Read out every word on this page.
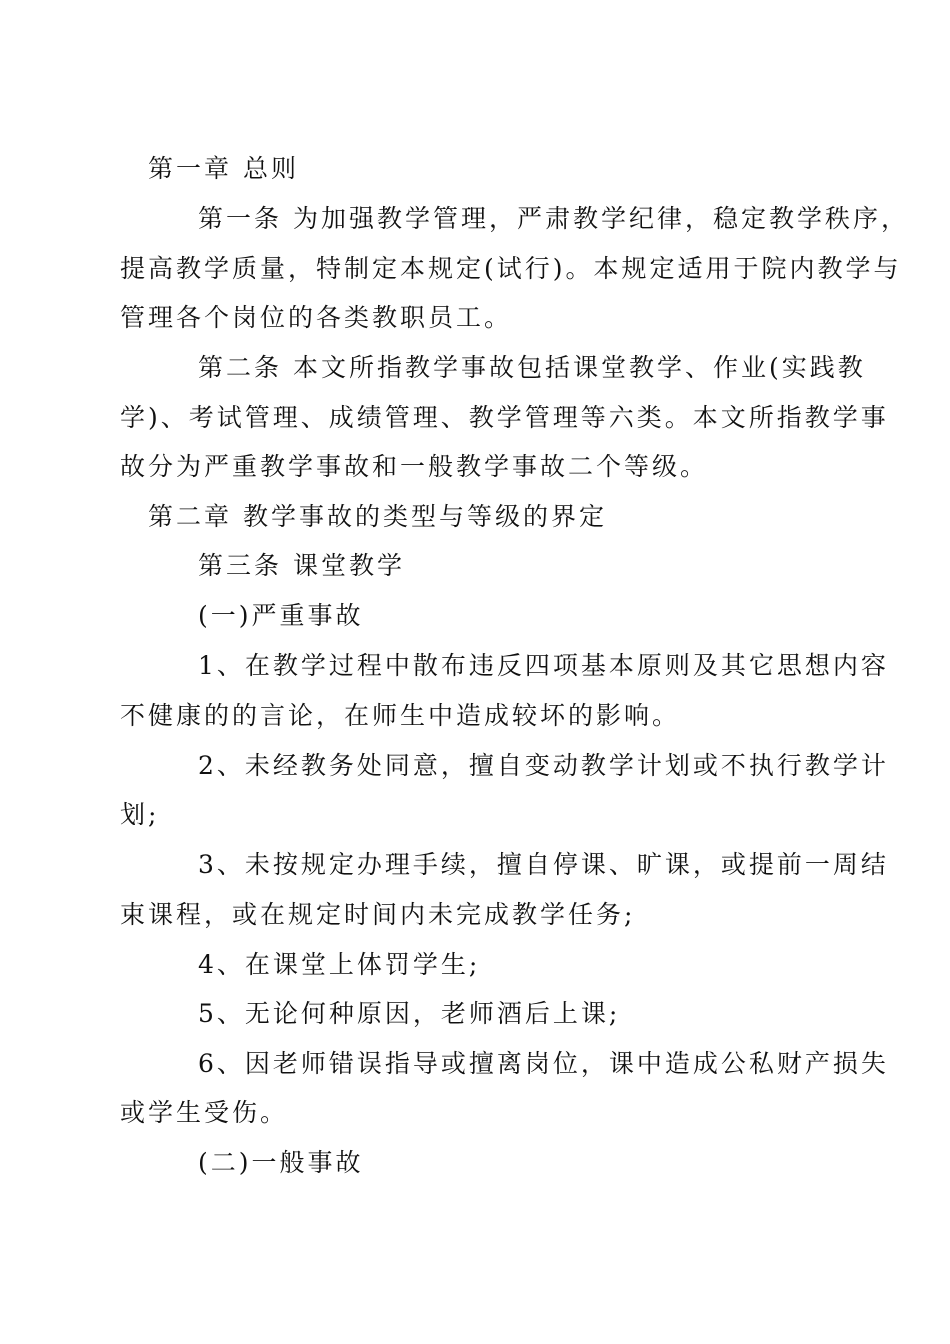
第一章 总则
第一条 为加强教学管理，严肃教学纪律，稳定教学秩序，
提高教学质量，特制定本规定(试行)。本规定适用于院内教学与
管理各个岗位的各类教职员工。
第二条 本文所指教学事故包括课堂教学、作业(实践教
学)、考试管理、成绩管理、教学管理等六类。本文所指教学事
故分为严重教学事故和一般教学事故二个等级。
第二章 教学事故的类型与等级的界定
第三条 课堂教学
(一)严重事故
1、在教学过程中散布违反四项基本原则及其它思想内容
不健康的的言论，在师生中造成较坏的影响。
2、未经教务处同意，擅自变动教学计划或不执行教学计
划;
3、未按规定办理手续，擅自停课、旷课，或提前一周结
束课程，或在规定时间内未完成教学任务;
4、在课堂上体罚学生;
5、无论何种原因，老师酒后上课;
6、因老师错误指导或擅离岗位，课中造成公私财产损失
或学生受伤。
(二)一般事故
